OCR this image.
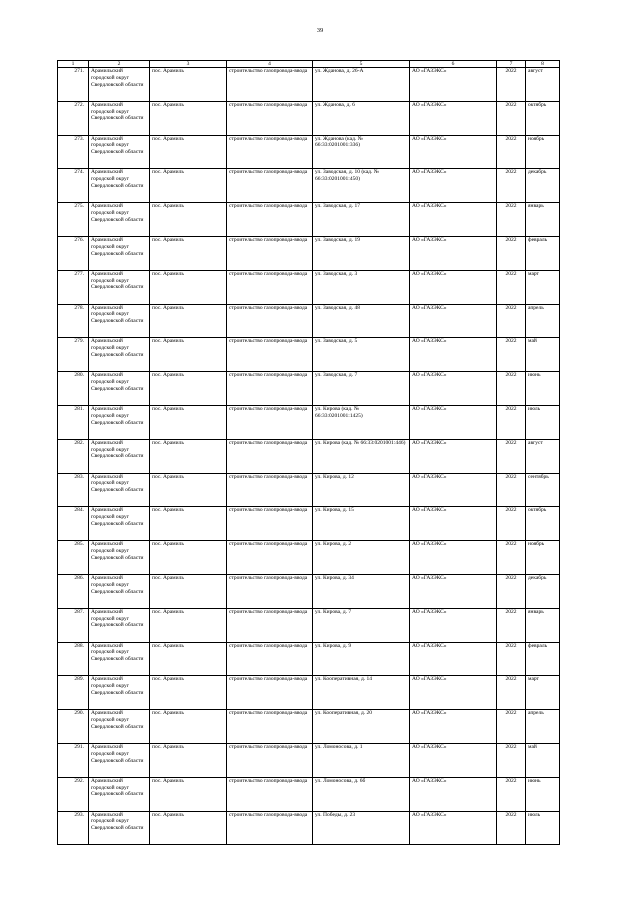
39
1	2	3	4	5	6	7	8
271.	Арамильский городской округ Свердловской области	пос. Арамиль	строительство газопровода-ввода	ул. Жданова, д. 26-А	АО «ГАЗЭКС»	2022	август
272.	Арамильский городской округ Свердловской области	пос. Арамиль	строительство газопровода-ввода	ул. Жданова, д. 6	АО «ГАЗЭКС»	2022	октябрь
273.	Арамильский городской округ Свердловской области	пос. Арамиль	строительство газопровода-ввода	ул. Жданова (кад. № 66:33:0201001:336)	АО «ГАЗЭКС»	2022	ноябрь
274.	Арамильский городской округ Свердловской области	пос. Арамиль	строительство газопровода-ввода	ул. Заводская, д. 10 (кад. № 66:33:0201001:450)	АО «ГАЗЭКС»	2022	декабрь
275.	Арамильский городской округ Свердловской области	пос. Арамиль	строительство газопровода-ввода	ул. Заводская, д. 17	АО «ГАЗЭКС»	2022	январь
276.	Арамильский городской округ Свердловской области	пос. Арамиль	строительство газопровода-ввода	ул. Заводская, д. 19	АО «ГАЗЭКС»	2022	февраль
277.	Арамильский городской округ Свердловской области	пос. Арамиль	строительство газопровода-ввода	ул. Заводская, д. 3	АО «ГАЗЭКС»	2022	март
278.	Арамильский городской округ Свердловской области	пос. Арамиль	строительство газопровода-ввода	ул. Заводская, д. 48	АО «ГАЗЭКС»	2022	апрель
279.	Арамильский городской округ Свердловской области	пос. Арамиль	строительство газопровода-ввода	ул. Заводская, д. 5	АО «ГАЗЭКС»	2022	май
280.	Арамильский городской округ Свердловской области	пос. Арамиль	строительство газопровода-ввода	ул. Заводская, д. 7	АО «ГАЗЭКС»	2022	июнь
281.	Арамильский городской округ Свердловской области	пос. Арамиль	строительство газопровода-ввода	ул. Кирова (кад. № 66:33:0201001:1425)	АО «ГАЗЭКС»	2022	июль
282.	Арамильский городской округ Свердловской области	пос. Арамиль	строительство газопровода-ввода	ул. Кирова (кад. № 66:33:0201001:446)	АО «ГАЗЭКС»	2022	август
283.	Арамильский городской округ Свердловской области	пос. Арамиль	строительство газопровода-ввода	ул. Кирова, д. 12	АО «ГАЗЭКС»	2022	сентябрь
284.	Арамильский городской округ Свердловской области	пос. Арамиль	строительство газопровода-ввода	ул. Кирова, д. 15	АО «ГАЗЭКС»	2022	октябрь
285.	Арамильский городской округ Свердловской области	пос. Арамиль	строительство газопровода-ввода	ул. Кирова, д. 2	АО «ГАЗЭКС»	2022	ноябрь
286.	Арамильский городской округ Свердловской области	пос. Арамиль	строительство газопровода-ввода	ул. Кирова, д. 34	АО «ГАЗЭКС»	2022	декабрь
287.	Арамильский городской округ Свердловской области	пос. Арамиль	строительство газопровода-ввода	ул. Кирова, д. 7	АО «ГАЗЭКС»	2022	январь
288.	Арамильский городской округ Свердловской области	пос. Арамиль	строительство газопровода-ввода	ул. Кирова, д. 9	АО «ГАЗЭКС»	2022	февраль
289.	Арамильский городской округ Свердловской области	пос. Арамиль	строительство газопровода-ввода	ул. Кооперативная, д. 14	АО «ГАЗЭКС»	2022	март
290.	Арамильский городской округ Свердловской области	пос. Арамиль	строительство газопровода-ввода	ул. Кооперативная, д. 20	АО «ГАЗЭКС»	2022	апрель
291.	Арамильский городской округ Свердловской области	пос. Арамиль	строительство газопровода-ввода	ул. Ломоносова, д. 1	АО «ГАЗЭКС»	2022	май
292.	Арамильский городской округ Свердловской области	пос. Арамиль	строительство газопровода-ввода	ул. Ломоносова, д. 6б	АО «ГАЗЭКС»	2022	июнь
293.	Арамильский городской округ Свердловской области	пос. Арамиль	строительство газопровода-ввода	ул. Победы, д. 23	АО «ГАЗЭКС»	2022	июль
